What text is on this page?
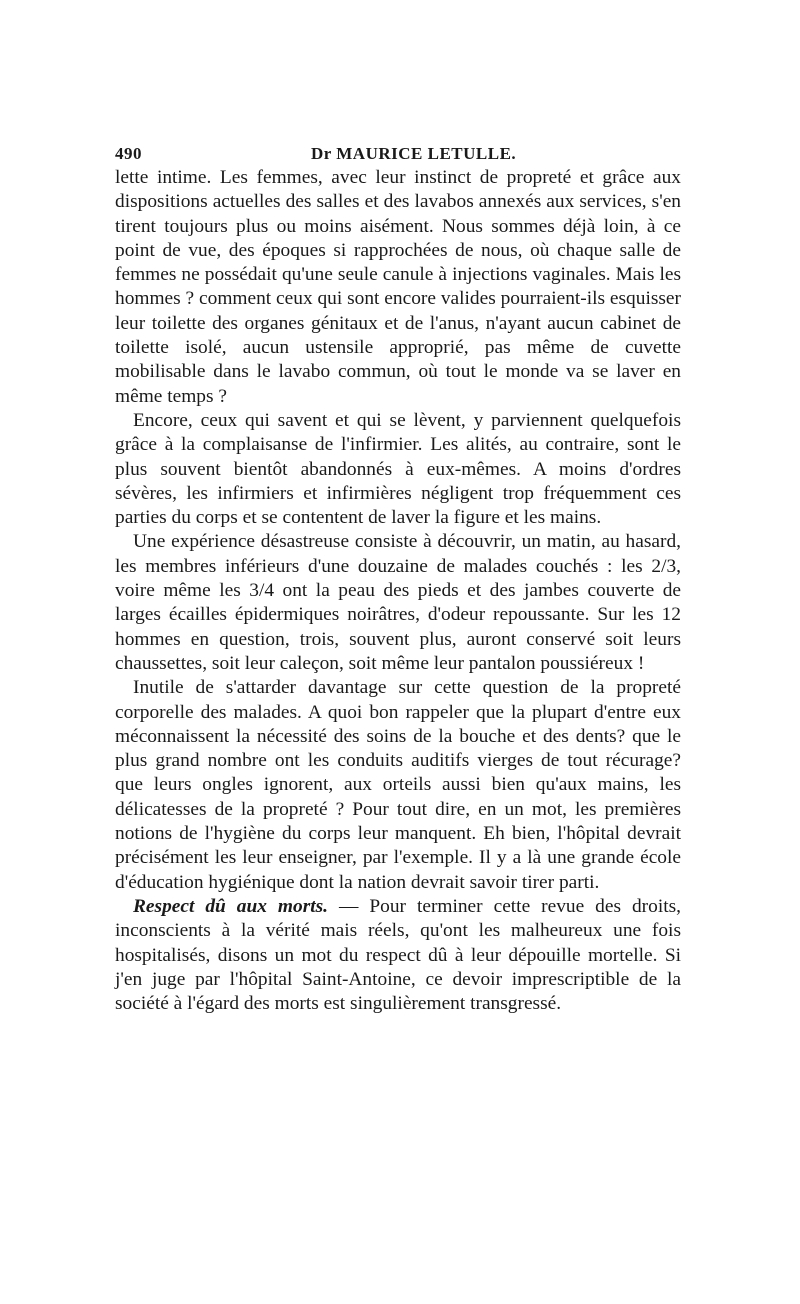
490	Dr MAURICE LETULLE.

lette intime. Les femmes, avec leur instinct de propreté et grâce aux dispositions actuelles des salles et des lavabos annexés aux services, s'en tirent toujours plus ou moins aisément. Nous sommes déjà loin, à ce point de vue, des époques si rapprochées de nous, où chaque salle de femmes ne possédait qu'une seule canule à injections vaginales. Mais les hommes ? comment ceux qui sont encore valides pourraient-ils esquisser leur toilette des organes génitaux et de l'anus, n'ayant aucun cabinet de toilette isolé, aucun ustensile approprié, pas même de cuvette mobilisable dans le lavabo commun, où tout le monde va se laver en même temps ?

Encore, ceux qui savent et qui se lèvent, y parviennent quelquefois grâce à la complaisanse de l'infirmier. Les alités, au contraire, sont le plus souvent bientôt abandonnés à eux-mêmes. A moins d'ordres sévères, les infirmiers et infirmières négligent trop fréquemment ces parties du corps et se contentent de laver la figure et les mains.

Une expérience désastreuse consiste à découvrir, un matin, au hasard, les membres inférieurs d'une douzaine de malades couchés : les 2/3, voire même les 3/4 ont la peau des pieds et des jambes couverte de larges écailles épidermiques noirâtres, d'odeur repoussante. Sur les 12 hommes en question, trois, souvent plus, auront conservé soit leurs chaussettes, soit leur caleçon, soit même leur pantalon poussiéreux !

Inutile de s'attarder davantage sur cette question de la propreté corporelle des malades. A quoi bon rappeler que la plupart d'entre eux méconnaissent la nécessité des soins de la bouche et des dents? que le plus grand nombre ont les conduits auditifs vierges de tout récurage? que leurs ongles ignorent, aux orteils aussi bien qu'aux mains, les délicatesses de la propreté ? Pour tout dire, en un mot, les premières notions de l'hygiène du corps leur manquent. Eh bien, l'hôpital devrait précisément les leur enseigner, par l'exemple. Il y a là une grande école d'éducation hygiénique dont la nation devrait savoir tirer parti.

Respect dû aux morts. — Pour terminer cette revue des droits, inconscients à la vérité mais réels, qu'ont les malheureux une fois hospitalisés, disons un mot du respect dû à leur dépouille mortelle. Si j'en juge par l'hôpital Saint-Antoine, ce devoir imprescriptible de la société à l'égard des morts est singulièrement transgressé.
